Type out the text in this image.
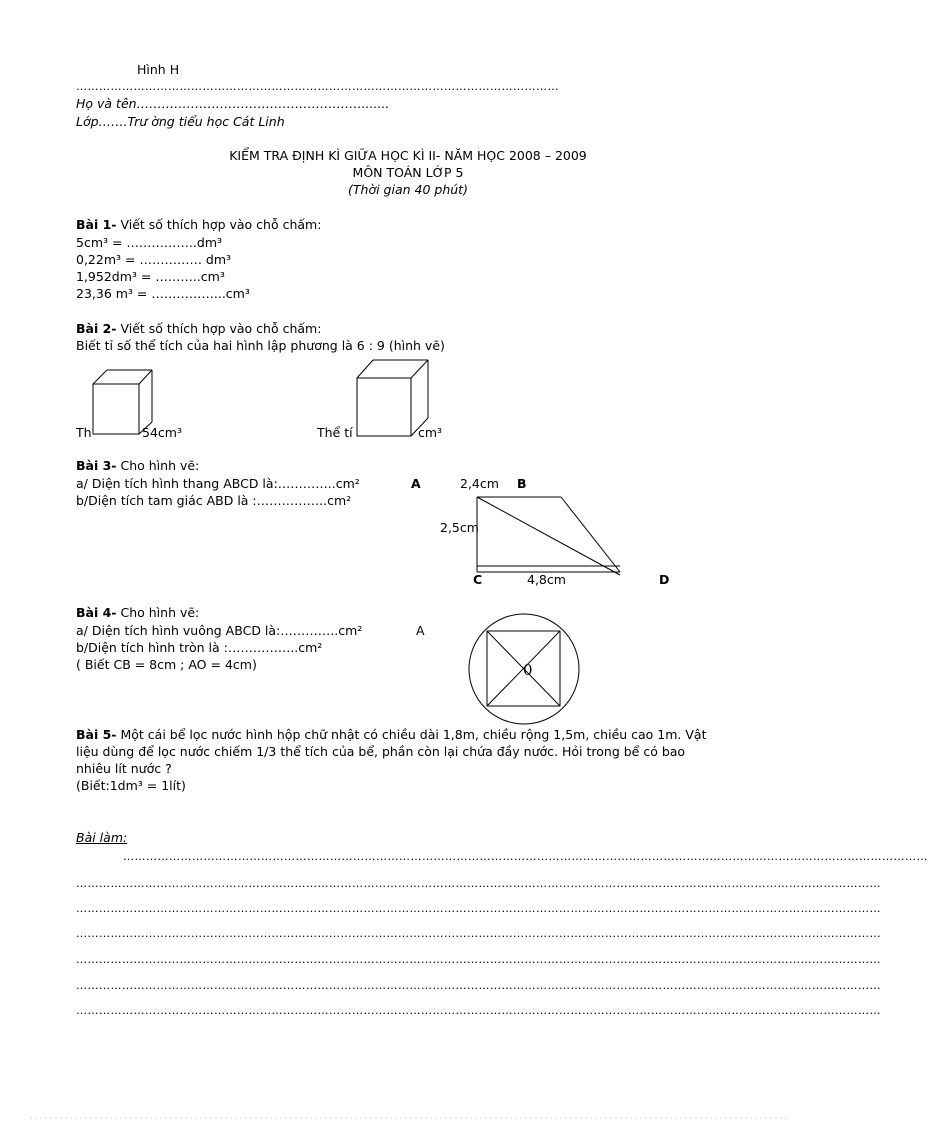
Hình H
………………………………………………………………………………………………………………
Họ và tên……………………………………………….......
Lớp…….Trư ờng tiểu học Cát Linh
KIỂM TRA ĐỊNH KÌ GIỮA HỌC KÌ II- NĂM HỌC 2008 – 2009
MÔN TOÁN LỚP 5
(Thời gian 40 phút)
Bài 1- Viết số thích hợp vào chỗ chấm:
5cm³ = ……………..dm³
0,22m³ = …………… dm³
1,952dm³ = ………..cm³
23,36 m³ = ……………...cm³
Bài 2- Viết số thích hợp vào chỗ chấm:
Biết tỉ số thể tích của hai hình lập phương là 6 : 9 (hình vẽ)
Th	54cm³	Thể tí	cm³
Bài 3- Cho hình vẽ:
a/ Diện tích hình thang ABCD là:…………..cm²
b/Diện tích tam giác ABD là :……………..cm²
A	2,4cm B
2,5cm
C	4,8cm	D
Bài 4- Cho hình vẽ:
a/ Diện tích hình vuông ABCD là:…………..cm²	A
b/Diện tích hình tròn là :……………..cm²
( Biết CB = 8cm ; AO = 4cm)	0
Bài 5- Một cái bể lọc nước hình hộp chữ nhật có chiều dài 1,8m, chiều rộng 1,5m, chiều cao 1m. Vật
liệu dùng để lọc nước chiếm 1/3 thể tích của bể, phần còn lại chứa đầy nước. Hỏi trong bể có bao
nhiêu lít nước ?
(Biết:1dm³ = 1lít)
Bài làm:
…………………………………………………………………………………………………………………………………………………………………………………………
…………………………………………………………………………………………………………………………………………………………………………………………
…………………………………………………………………………………………………………………………………………………………………………………………
…………………………………………………………………………………………………………………………………………………………………………………………
…………………………………………………………………………………………………………………………………………………………………………………………
…………………………………………………………………………………………………………………………………………………………………………………………
…………………………………………………………………………………………………………………………………………………………………………………………
